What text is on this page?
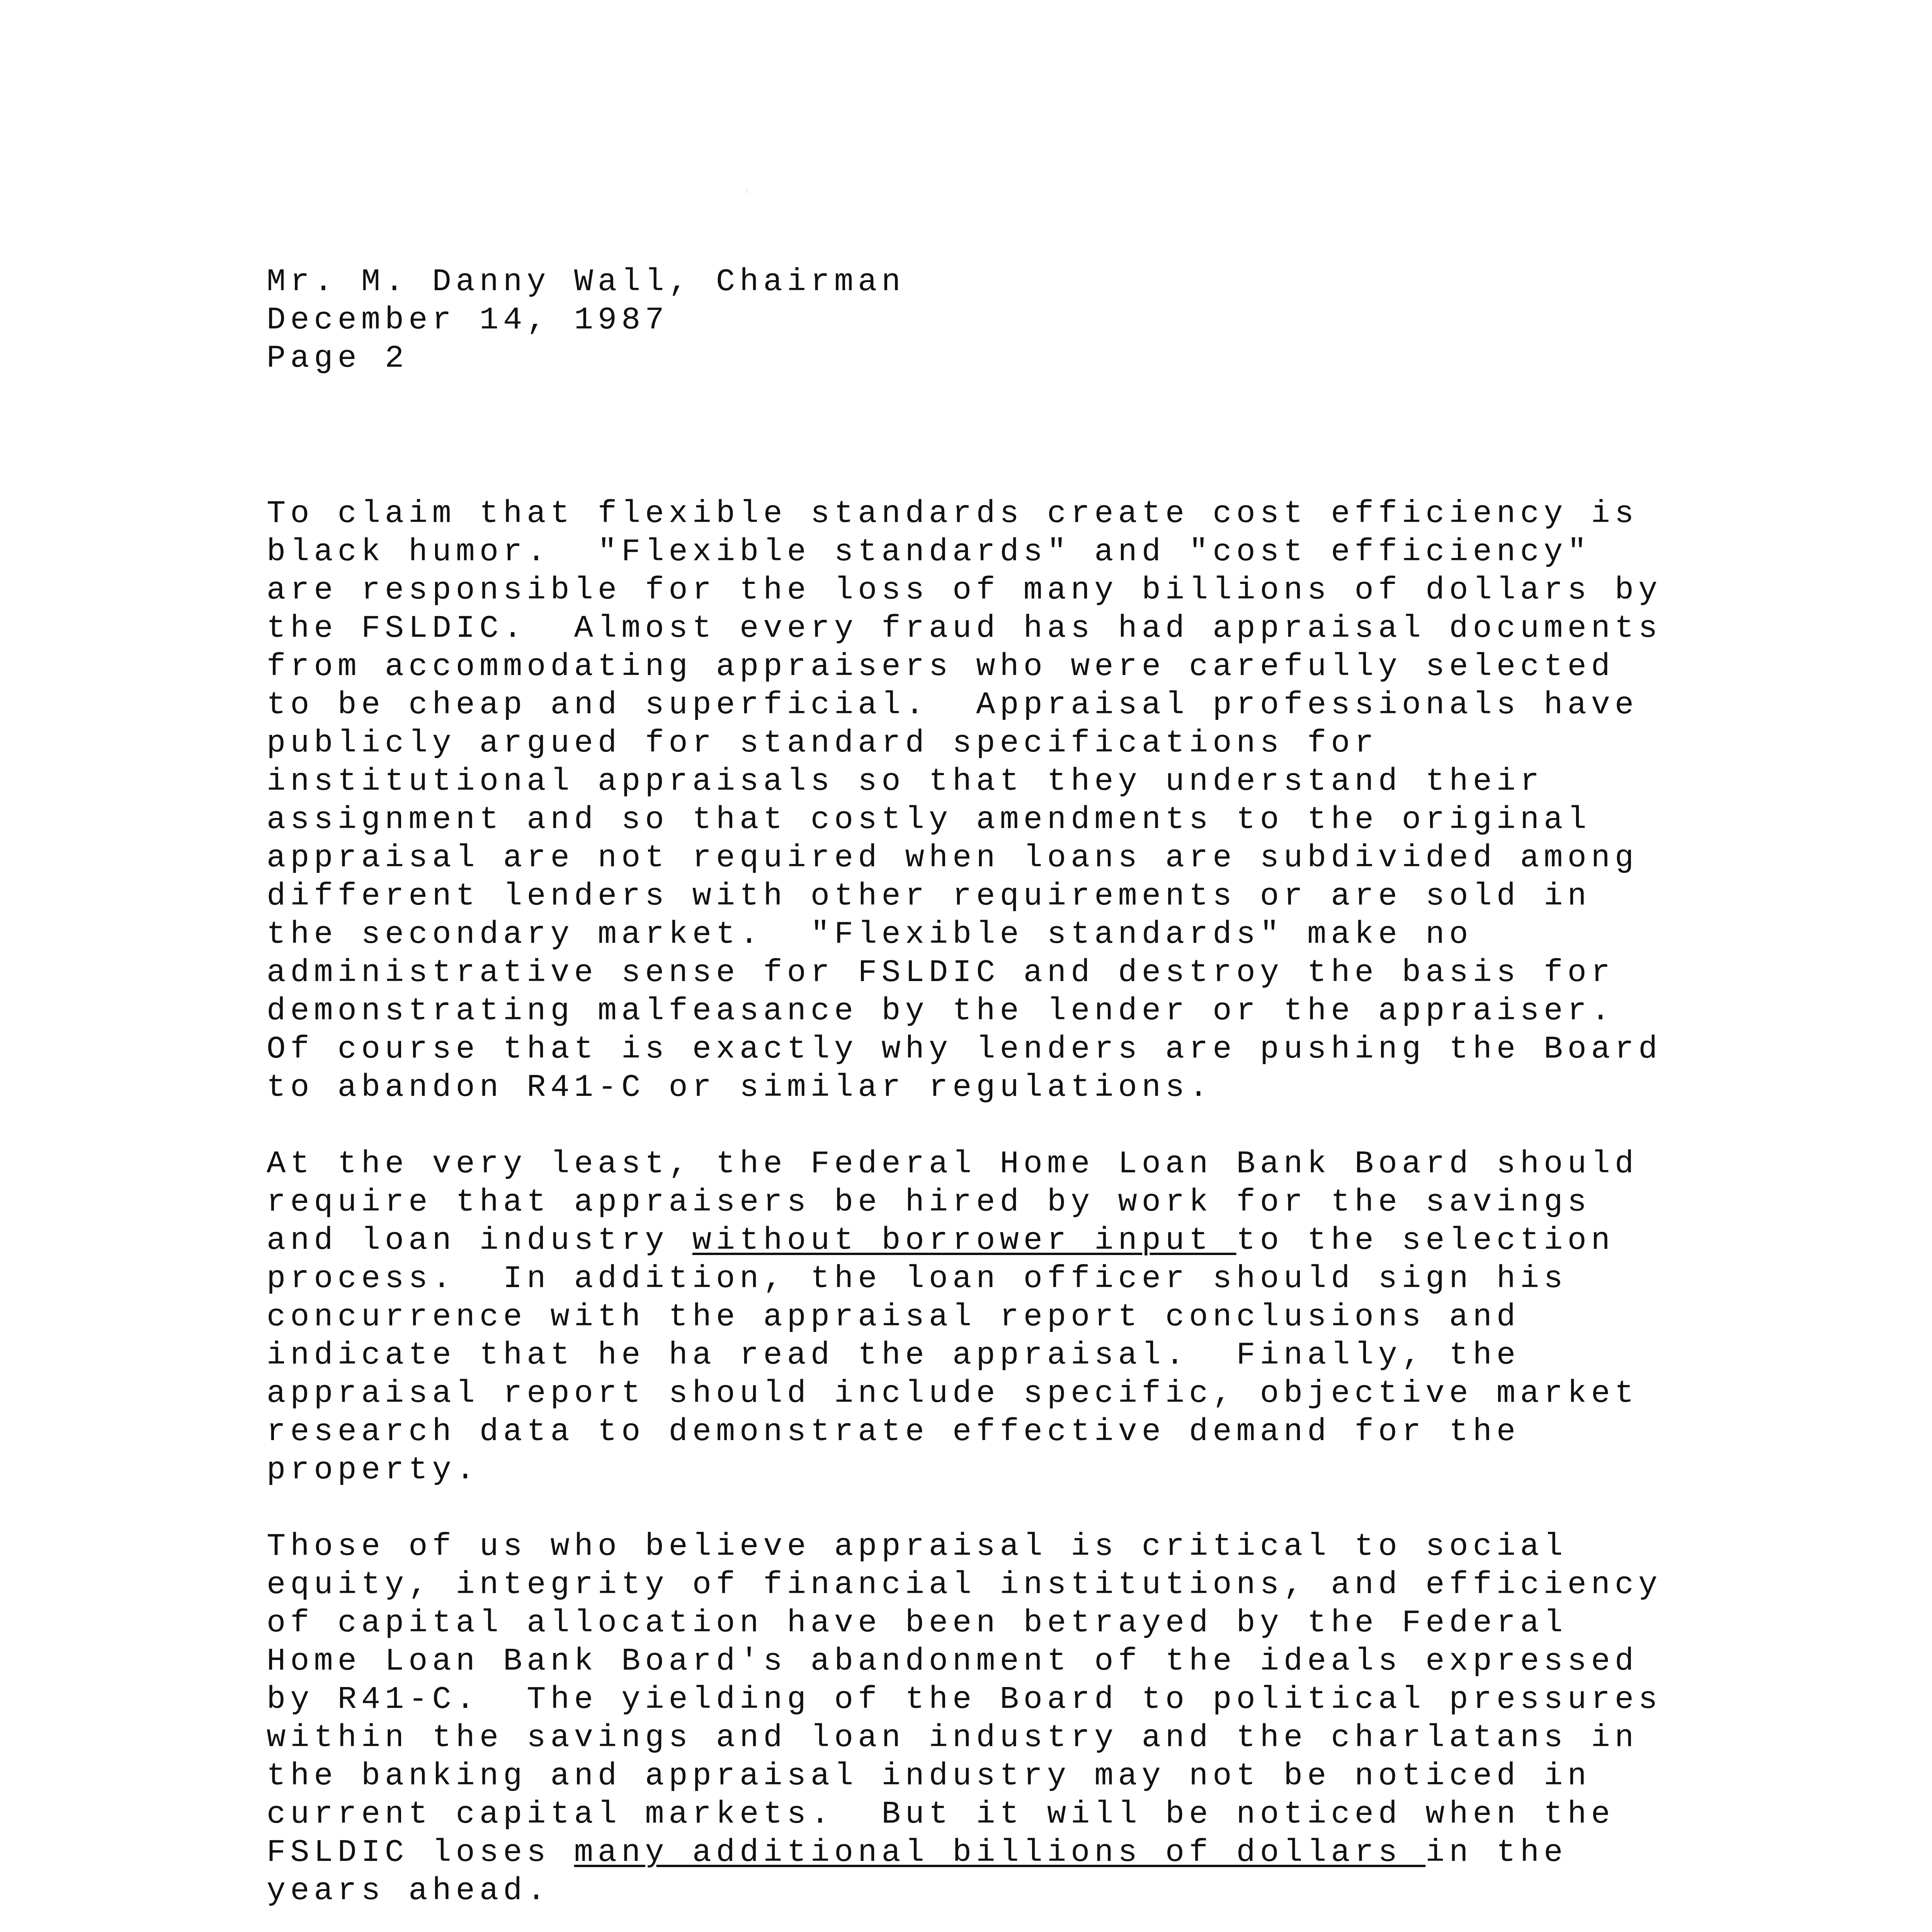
Mr. M. Danny Wall, Chairman
December 14, 1987
Page 2
To claim that flexible standards create cost efficiency is
black humor.  "Flexible standards" and "cost efficiency"
are responsible for the loss of many billions of dollars by
the FSLDIC.  Almost every fraud has had appraisal documents
from accommodating appraisers who were carefully selected
to be cheap and superficial.  Appraisal professionals have
publicly argued for standard specifications for
institutional appraisals so that they understand their
assignment and so that costly amendments to the original
appraisal are not required when loans are subdivided among
different lenders with other requirements or are sold in
the secondary market.  "Flexible standards" make no
administrative sense for FSLDIC and destroy the basis for
demonstrating malfeasance by the lender or the appraiser.
Of course that is exactly why lenders are pushing the Board
to abandon R41-C or similar regulations.
At the very least, the Federal Home Loan Bank Board should
require that appraisers be hired by work for the savings
and loan industry without borrower input to the selection
process.  In addition, the loan officer should sign his
concurrence with the appraisal report conclusions and
indicate that he ha read the appraisal.  Finally, the
appraisal report should include specific, objective market
research data to demonstrate effective demand for the
property.
Those of us who believe appraisal is critical to social
equity, integrity of financial institutions, and efficiency
of capital allocation have been betrayed by the Federal
Home Loan Bank Board's abandonment of the ideals expressed
by R41-C.  The yielding of the Board to political pressures
within the savings and loan industry and the charlatans in
the banking and appraisal industry may not be noticed in
current capital markets.  But it will be noticed when the
FSLDIC loses many additional billions of dollars in the
years ahead.
